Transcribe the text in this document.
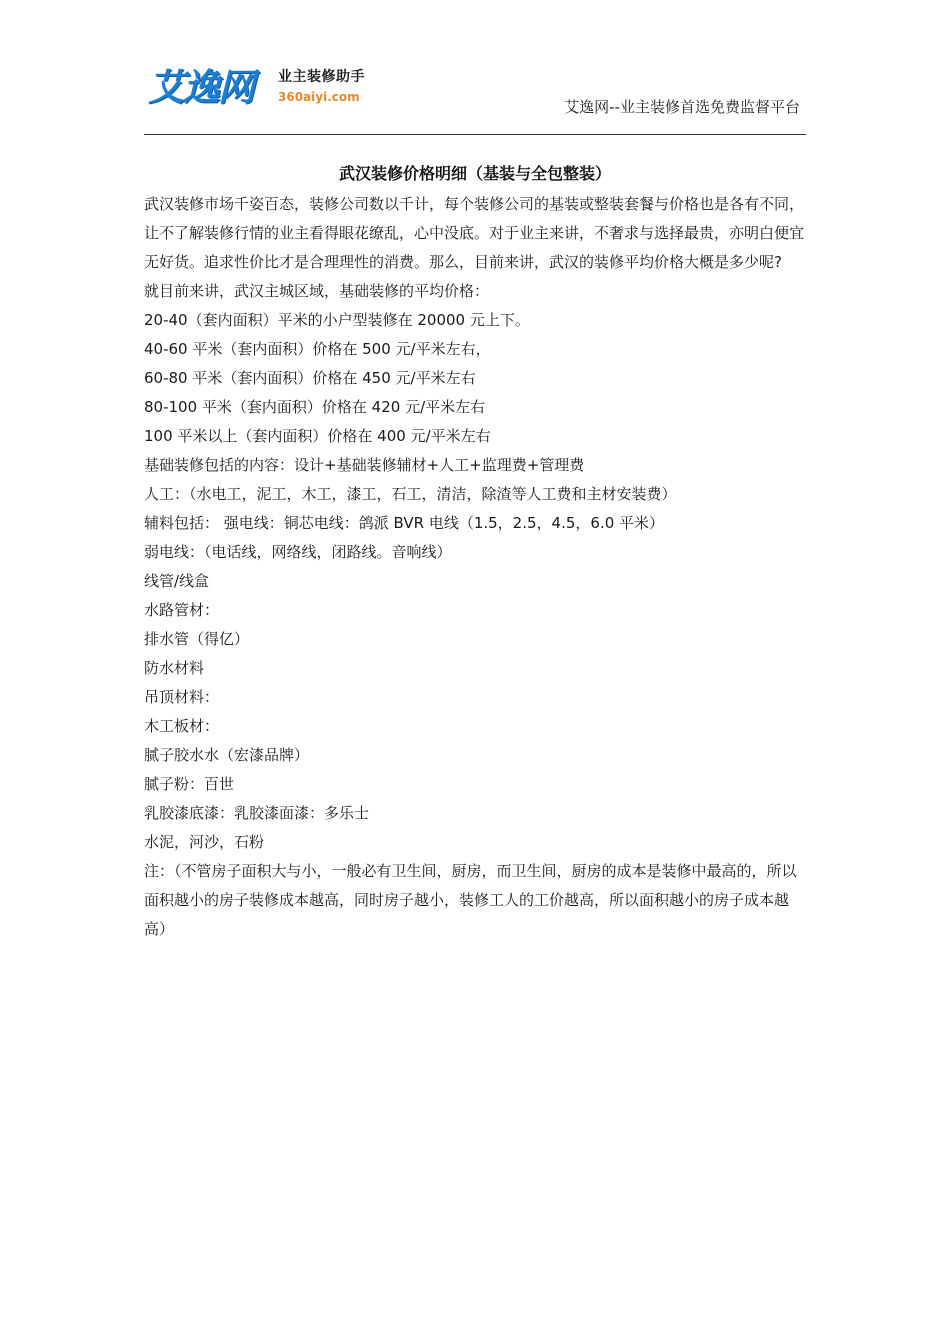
艾逸网	业主装修助手
360aiyi.com
艾逸网--业主装修首选免费监督平台
武汉装修价格明细（基装与全包整装）

武汉装修市场千姿百态，装修公司数以千计，每个装修公司的基装或整装套餐与价格也是各有不同，让不了解装修行情的业主看得眼花缭乱，心中没底。对于业主来讲，不奢求与选择最贵，亦明白便宜无好货。追求性价比才是合理理性的消费。那么，目前来讲，武汉的装修平均价格大概是多少呢?

就目前来讲，武汉主城区域，基础装修的平均价格：

20-40（套内面积）平米的小户型装修在 20000 元上下。

40-60 平米（套内面积）价格在 500 元/平米左右，

60-80 平米（套内面积）价格在 450 元/平米左右

80-100 平米（套内面积）价格在 420 元/平米左右

100 平米以上（套内面积）价格在 400 元/平米左右

基础装修包括的内容：设计+基础装修辅材+人工+监理费+管理费

人工：（水电工，泥工，木工，漆工，石工，清洁，除渣等人工费和主材安装费）

辅料包括： 强电线：铜芯电线：鸽派 BVR 电线（1.5，2.5，4.5，6.0 平米）

弱电线：（电话线，网络线，闭路线。音响线）

线管/线盒

水路管材：

排水管（得亿）

防水材料

吊顶材料：

木工板材：

腻子胶水水（宏漆品牌）

腻子粉：百世

乳胶漆底漆：乳胶漆面漆：多乐士

水泥，河沙，石粉

注：（不管房子面积大与小，一般必有卫生间，厨房，而卫生间，厨房的成本是装修中最高的，所以面积越小的房子装修成本越高，同时房子越小，装修工人的工价越高，所以面积越小的房子成本越高）
